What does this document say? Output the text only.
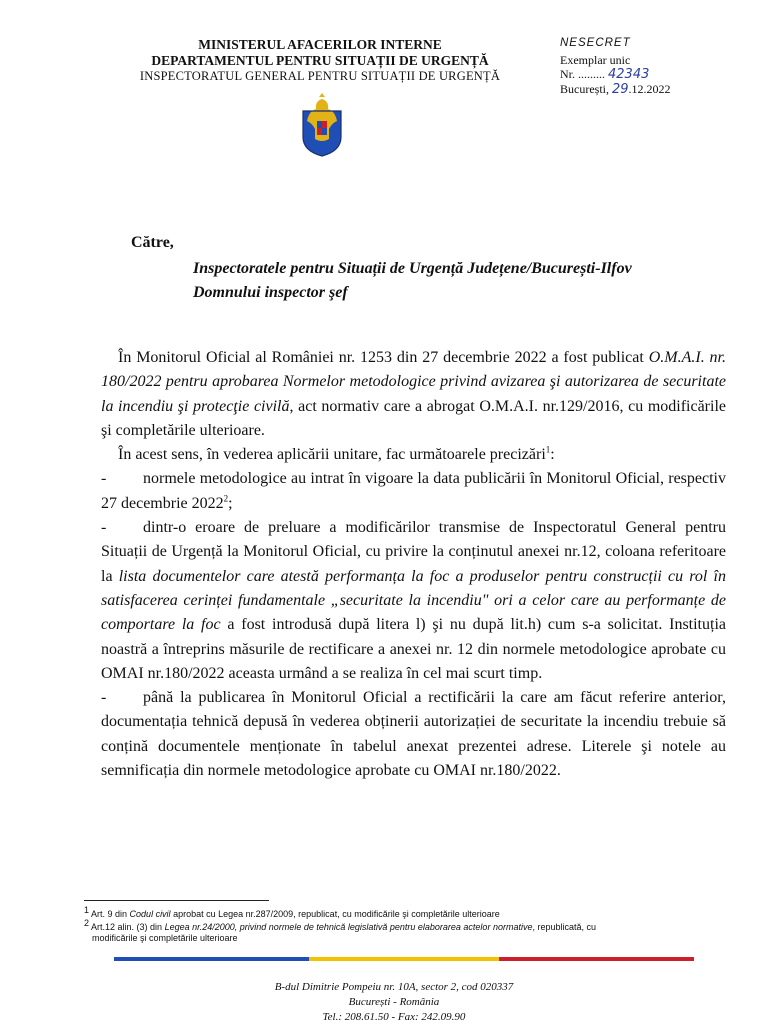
MINISTERUL AFACERILOR INTERNE
DEPARTAMENTUL PENTRU SITUAȚII DE URGENȚĂ
INSPECTORATUL GENERAL PENTRU SITUAȚII DE URGENȚĂ
NESECRET
Exemplar unic
Nr. ......... 42343
București, 29.12.2022
Către,
Inspectoratele pentru Situații de Urgență Județene/București-Ilfov
Domnului inspector şef

În Monitorul Oficial al României nr. 1253 din 27 decembrie 2022 a fost publicat O.M.A.I. nr. 180/2022 pentru aprobarea Normelor metodologice privind avizarea şi autorizarea de securitate la incendiu şi protecţie civilă, act normativ care a abrogat O.M.A.I. nr.129/2016, cu modificările şi completările ulterioare.

În acest sens, în vederea aplicării unitare, fac următoarele precizări$^1$:

-	normele metodologice au intrat în vigoare la data publicării în Monitorul Oficial, respectiv 27 decembrie 2022$^2$;

-	dintr-o eroare de preluare a modificărilor transmise de Inspectoratul General pentru Situații de Urgență la Monitorul Oficial, cu privire la conținutul anexei nr.12, coloana referitoare la lista documentelor care atestă performanța la foc a produselor pentru construcții cu rol în satisfacerea cerinței fundamentale „securitate la incendiu" ori a celor care au performanțe de comportare la foc a fost introdusă după litera l) şi nu după lit.h) cum s-a solicitat. Instituția noastră a întreprins măsurile de rectificare a anexei nr. 12 din normele metodologice aprobate cu OMAI nr.180/2022 aceasta urmând a se realiza în cel mai scurt timp.

-	până la publicarea în Monitorul Oficial a rectificării la care am făcut referire anterior, documentația tehnică depusă în vederea obținerii autorizației de securitate la incendiu trebuie să conțină documentele menționate în tabelul anexat prezentei adrese. Literele şi notele au semnificația din normele metodologice aprobate cu OMAI nr.180/2022.

$^1$ Art. 9 din Codul civil aprobat cu Legea nr.287/2009, republicat, cu modificările şi completările ulterioare
$^2$ Art.12 alin. (3) din Legea nr.24/2000, privind normele de tehnică legislativă pentru elaborarea actelor normative, republicată, cu
modificările şi completările ulterioare
B-dul Dimitrie Pompeiu nr. 10A, sector 2, cod 020337
București - România
Tel.: 208.61.50 - Fax: 242.09.90
